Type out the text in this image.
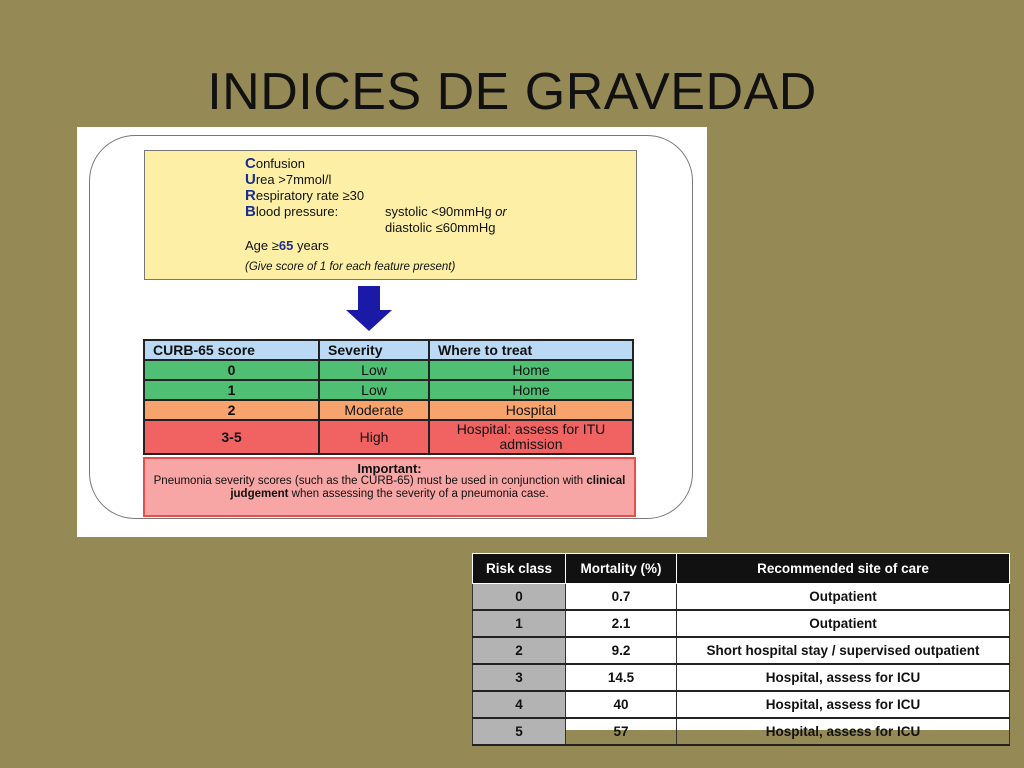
INDICES DE GRAVEDAD
Confusion
Urea >7mmol/l
Respiratory rate ≥30
Blood pressure:	systolic <90mmHg or
diastolic ≤60mmHg
Age ≥65 years
(Give score of 1 for each feature present)
CURB-65 score	Severity	Where to treat
0	Low	Home
1	Low	Home
2	Moderate	Hospital
3-5	High	Hospital: assess for ITU admission
Important:
Pneumonia severity scores (such as the CURB-65) must be used in conjunction with clinical judgement when assessing the severity of a pneumonia case.
Risk class	Mortality (%)	Recommended site of care
0	0.7	Outpatient
1	2.1	Outpatient
2	9.2	Short hospital stay / supervised outpatient
3	14.5	Hospital, assess for ICU
4	40	Hospital, assess for ICU
5	57	Hospital, assess for ICU
